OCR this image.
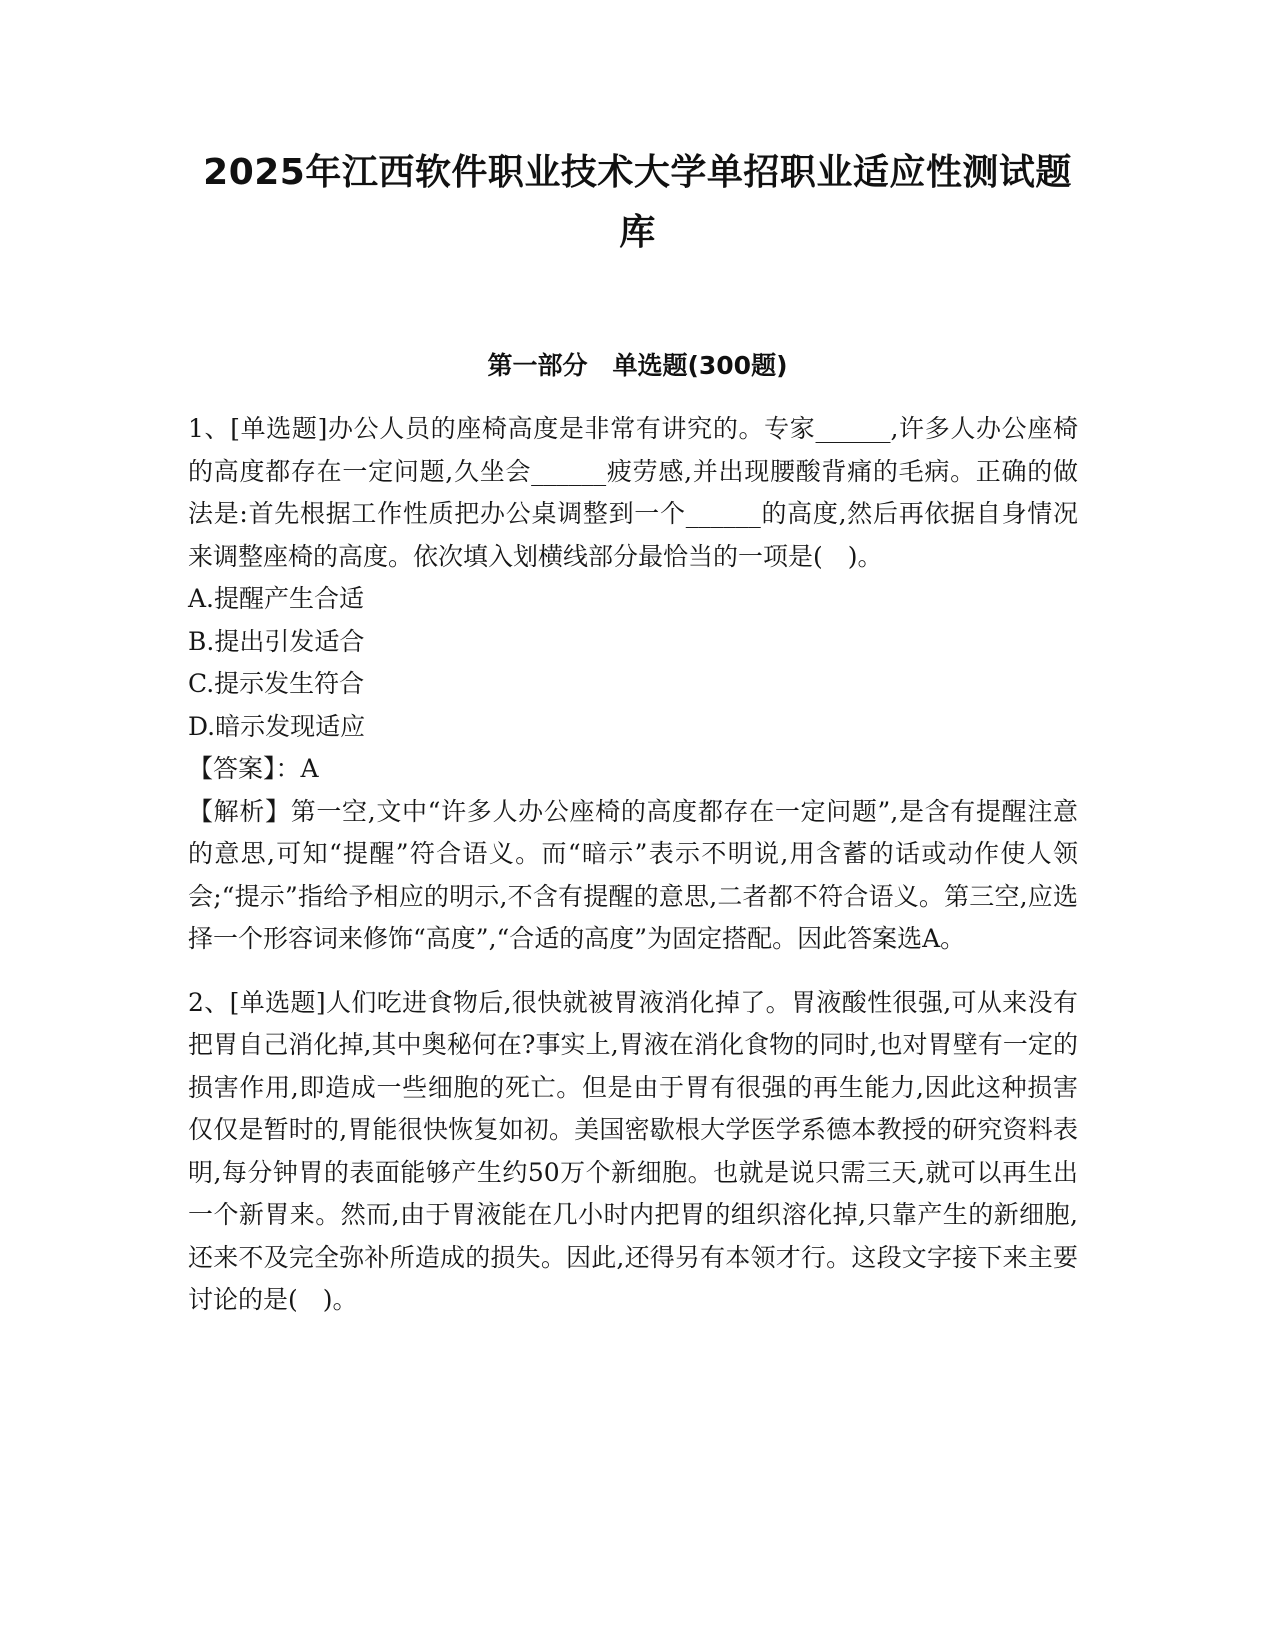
2025年江西软件职业技术大学单招职业适应性测试题
库
第一部分　单选题(300题)

1、[单选题]办公人员的座椅高度是非常有讲究的。专家______,许多人办公座椅的高度都存在一定问题,久坐会______疲劳感,并出现腰酸背痛的毛病。正确的做法是:首先根据工作性质把办公桌调整到一个______的高度,然后再依据自身情况来调整座椅的高度。依次填入划横线部分最恰当的一项是(　)。

A.提醒产生合适

B.提出引发适合

C.提示发生符合

D.暗示发现适应

【答案】：A

【解析】第一空,文中“许多人办公座椅的高度都存在一定问题”,是含有提醒注意的意思,可知“提醒”符合语义。而“暗示”表示不明说,用含蓄的话或动作使人领会;“提示”指给予相应的明示,不含有提醒的意思,二者都不符合语义。第三空,应选择一个形容词来修饰“高度”,“合适的高度”为固定搭配。因此答案选A。

2、[单选题]人们吃进食物后,很快就被胃液消化掉了。胃液酸性很强,可从来没有把胃自己消化掉,其中奥秘何在?事实上,胃液在消化食物的同时,也对胃壁有一定的损害作用,即造成一些细胞的死亡。但是由于胃有很强的再生能力,因此这种损害仅仅是暂时的,胃能很快恢复如初。美国密歇根大学医学系德本教授的研究资料表明,每分钟胃的表面能够产生约50万个新细胞。也就是说只需三天,就可以再生出一个新胃来。然而,由于胃液能在几小时内把胃的组织溶化掉,只靠产生的新细胞,还来不及完全弥补所造成的损失。因此,还得另有本领才行。这段文字接下来主要讨论的是(　)。
